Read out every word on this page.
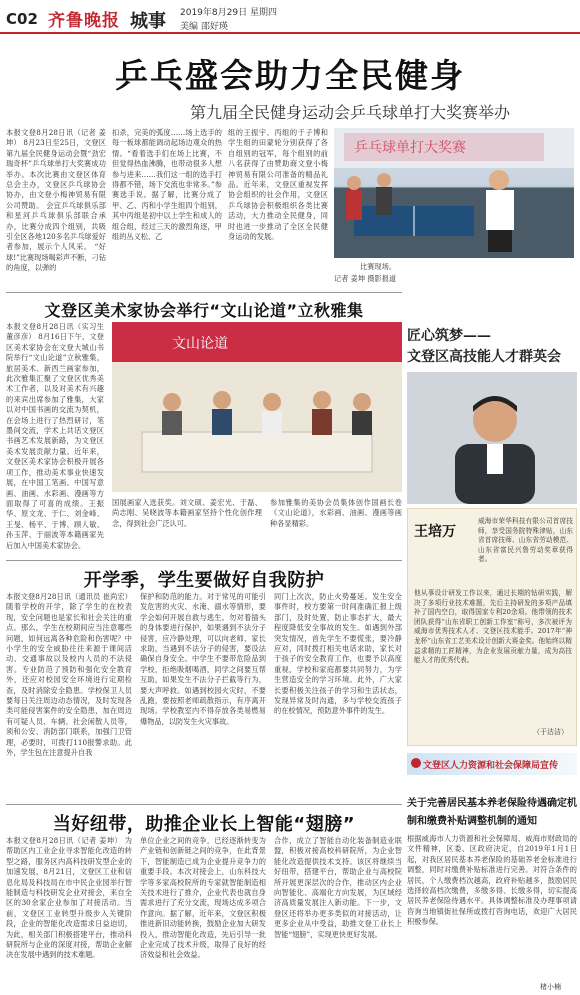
C02 齐鲁晚报 城事 2019年8月29日 星期四
美编 邵好瑛
乒乓盛会助力全民健身
第九届全民健身运动会乒乓球单打大奖赛举办
本报文登8月28日讯（记者 姜坤） 8月23日至25日，文登区第九届全民健身运动会暨“劲宏瑞奇杯”乒乓球单打大奖赛成功举办。本次比赛由文登区体育总会主办，文登区乒乓球协会协办，由文登小梅神贸易有限公司赞助。 会宜乒乓球俱乐部和星河乒乓球俱乐部联合承办，比赛分成四个组别，共吸引全区各地120多名乒乓球爱好者参加，展示个人风采。 “好球!”比赛现场喝彩声不断，刁钻的角度，以弹的
扣杀，完美的弧度……场上选手的每一板球都能调动起场边观众的热情。“看着选手们在场上比赛，不但觉得热血沸腾，也带动很多人想参与进来……我们这一组的选手打得都不错，场下交流也非常多。”参赛选手说。据了解，比赛分成了甲、乙、丙和小学生组四个组别，其中丙组是初中以上学生和成人的组合组，经过三天的激烈角逐，甲组的丛义松、乙
组的王振宇、丙组的于子博和学生组的田蒙轮分别获得了各自组别的冠军，每个组别的前八名获得了由赞助商文登小梅神贸易有限公司准备的精品礼品。近年来，文登区重视发挥协会组织的社会作用，文登区乒乓球协会积极组织各类比赛活动，大力推动全民健身，同时也进一步推动了全区全民健身运动的发展。
乒乓球单打大奖赛
比赛现场。
记者 姜坤 摄影报道
文登区美术家协会举行“文山论道”立秋雅集
本报文登8月28日讯（实习生 董彦彦） 8月16日下午，文登区美术家协会在文登大城山书院举行“文山论道”立秋雅集，旅居美术、新西兰画家参加，此次雅集汇聚了文登区优秀美术工作者，以及对美术有兴趣的来宾出席参加了雅集，大家以对中国书画的交流为契机，在会场上进行了热烈研讨，笔墨间交流，学术上共话文登区书画艺术发展新路，为文登区美术发展贡献力量。近年来，文登区美术家协会积极开展各项工作，推动美术事业快速发展，在中国工笔画、中国写意画、油画、水彩画、漫画等方面取得了可喜的成绩。王振华、原文龙、于仁、刘金峰、王旻、杨平、于博、顾人敏、孙玉萍、于丽波等本籍画家先后加入中国美术家协会。
文山论道
国展画家入选获奖。刘文硕、姜宏光、于磊、尚志刚、吴晓波等本籍画家坚持个性化创作理念，得到社会广泛认可。
参加雅集的美协会员集体创作国画长卷《文山论道》，水彩画、油画、漫画等画种各显精彩。
开学季，学生要做好自我防护
本报文登8月28日讯（通讯员 崔尚宏） 随着学校的开学，除了学生的在校表现，安全问题也是家长和社会关注的重点。那么，学生在校期间应当注意哪些问题，如何远离各种危险和伤害呢？中小学生的安全威胁往往来源于课间活动、交通事故以及校内人员的不法侵害。专业防范了预防和强化安全教育外，还应对校园安全环境进行定期检查，及时消除安全隐患。学校保卫人员要每日关注周边动态情况，及时发现各类可能侵害案件的安全隐患，加在周边有可疑人员、车辆、社会闲散人员等，须和公安、消防部门联系，加强门卫管理，必要时，可拨打110报警求助。此外，学生包在注意提升自我
保护和防范的能力。对于常见的可能引发危害的火灾、水淹、溺水等情形，要学会如何开展自救与逃生。勿对着插头的身体要进行保护，如果遇到不法分子侵害，应冷静处理，可以向老师、家长求助，当遇到不法分子的侵害，要设法确保自身安全。中学生不要带危险品到学校，拒绝吸烟喝酒，同学之间要互帮互助，如果发生不法分子拦截等行为，要大声呼救。如遇到校园火灾时，不要乱跑，要按照老师疏散指示，有序离开现场。学校教室内不得存放各类易燃易爆物品，以防发生火灾事故。
同门上次次，防止火势蔓延。发生安全事件时，校方要第一时间准确汇报上级部门，及时处置，防止事态扩大，最大程度降低安全事故的发生。如遇到外部突发情况，首先学生不要慌张，要冷静应对，同时拨打相关电话求助，家长对于孩子的安全教育工作，也要予以高度重视，学校和家庭都要共同努力，为学生营造安全的学习环境。此外，广大家长要积极关注孩子的学习和生活状态，发现异常及时沟通，多与学校交流孩子的在校情况，预防意外事件的发生。
当好纽带，助推企业长上智能“翅膀”
本报文登8月28日讯（记者 姜坤） 为帮助区内工业企业寻求智能化改造的转型之路，服务区内高科技研发型企业的加速发展，8月21日，文登区工业和信息化局及科技局在市中民企业园举行智能制造与科技研发企业对接会，来自全区的30余家企业参加了对接活动。当前，文登区工业转型升级步入关键阶段，企业的智能化改造需求日益迫切，为此，相关部门积极搭建平台，推动科研院所与企业的深度对接，帮助企业解决在发展中遇到的技术难题。
单位企业之间的竞争，已经逐渐转变为产业链和创新链之间的竞争，在此背景下，智能制造已成为企业提升竞争力的重要手段。本次对接会上，山东科技大学等多家高校院所的专家就智能制造相关技术进行了推介，企业代表也就自身需求进行了充分交流，现场达成多项合作意向。据了解，近年来，文登区积极推进新旧动能转换，鼓励企业加大研发投入，推动智能化改造，先后引导一批企业完成了技术升级，取得了良好的经济效益和社会效益。
合作，成立了智能自动化装备制造业联盟，积极对接高校科研院所，为企业智能化改造提供技术支持。该区将继续当好纽带，搭建平台，帮助企业与高校院所开展更深层次的合作，推动区内企业向智能化、高端化方向发展，为区域经济高质量发展注入新动能。下一步，文登区还将举办更多类似的对接活动，让更多企业从中受益，助推文登工业长上智能“翅膀”，实现更快更好发展。
匠心筑梦——
文登区高技能人才群英会
王培万
威海市荣华科技有限公司首席技师，享受国务院特殊津贴，山东省首席技师、山东省劳动模范、山东省富民兴鲁劳动奖章获得者。
他从事设计研发工作以来，通过长期的钻研实践，解决了多项行业技术难题，先后主持研发的多项产品填补了国内空白，取得国家专利20余项。他带领的技术团队获得“山东省职工创新工作室”称号，多次被评为威海市优秀技术人才、文登区技术能手。2017年“神龙杯”山东省工艺美术设计创新大赛金奖。他始终以精益求精的工匠精神，为企业发展贡献力量，成为高技能人才的优秀代表。
（于沽洁）
文登区人力资源和社会保障局宣传
关于完善居民基本养老保险待遇确定机制和缴费补贴调整机制的通知
根据威海市人力资源和社会保障局、威海市财政局的文件精神，区委、区政府决定，自2019年1月1日起，对我区居民基本养老保险的基础养老金标准进行调整，同时对缴费补贴标准进行完善。对符合条件的居民，个人缴费档次越高，政府补贴越多，鼓励居民选择较高档次缴费，多缴多得、长缴多得，切实提高居民养老保险待遇水平。具体调整标准及办理事项请咨询当地镇街社保所或拨打咨询电话，欢迎广大居民积极参保。
楮小楠
